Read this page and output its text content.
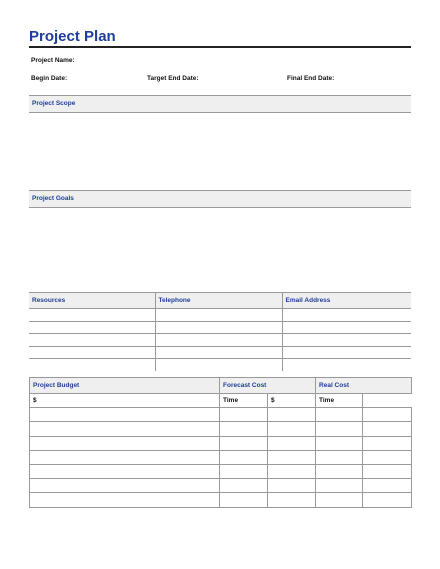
Project Plan
Project Name:
Begin Date:	Target End Date:	Final End Date:
Project Scope
Project Goals
Resources	Telephone	Email Address

Project Budget	Forecast Cost		Real Cost	
$	Time	$	Time	
